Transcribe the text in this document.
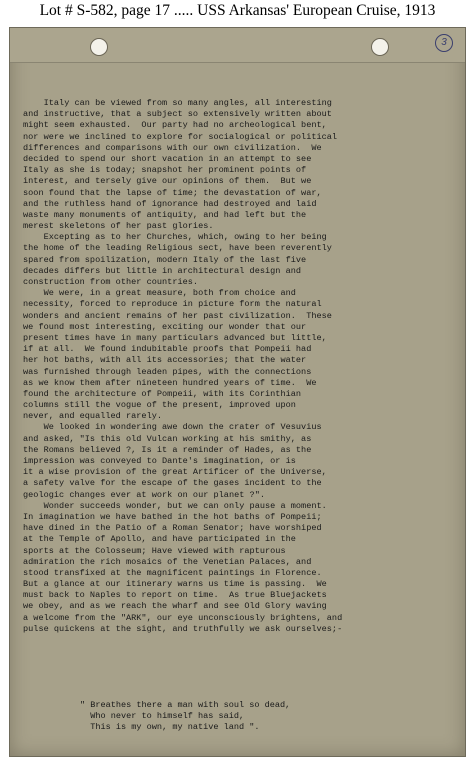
Lot # S-582, page 17 ..... USS Arkansas' European Cruise, 1913
3
Italy can be viewed from so many angles, all interesting
and instructive, that a subject so extensively written about
might seem exhausted.  Our party had no archeological bent,
nor were we inclined to explore for socialogical or political
differences and comparisons with our own civilization.  We
decided to spend our short vacation in an attempt to see
Italy as she is today; snapshot her prominent points of
interest, and tersely give our opinions of them.  But we
soon found that the lapse of time; the devastation of war,
and the ruthless hand of ignorance had destroyed and laid
waste many monuments of antiquity, and had left but the
merest skeletons of her past glories.
Excepting as to her Churches, which, owing to her being
the home of the leading Religious sect, have been reverently
spared from spoilization, modern Italy of the last five
decades differs but little in architectural design and
construction from other countries.
We were, in a great measure, both from choice and
necessity, forced to reproduce in picture form the natural
wonders and ancient remains of her past civilization.  These
we found most interesting, exciting our wonder that our
present times have in many particulars advanced but little,
if at all.  We found indubitable proofs that Pompeii had
her hot baths, with all its accessories; that the water
was furnished through leaden pipes, with the connections
as we know them after nineteen hundred years of time.  We
found the architecture of Pompeii, with its Corinthian
columns still the vogue of the present, improved upon
never, and equalled rarely.
We looked in wondering awe down the crater of Vesuvius
and asked, "Is this old Vulcan working at his smithy, as
the Romans believed ?, Is it a reminder of Hades, as the
impression was conveyed to Dante's imagination, or is
it a wise provision of the great Artificer of the Universe,
a safety valve for the escape of the gases incident to the
geologic changes ever at work on our planet ?".
Wonder succeeds wonder, but we can only pause a moment.
In imagination we have bathed in the hot baths of Pompeii;
have dined in the Patio of a Roman Senator; have worshiped
at the Temple of Apollo, and have participated in the
sports at the Colosseum; Have viewed with rapturous
admiration the rich mosaics of the Venetian Palaces, and
stood transfixed at the magnificent paintings in Florence.
But a glance at our itinerary warns us time is passing.  We
must back to Naples to report on time.  As true Bluejackets
we obey, and as we reach the wharf and see Old Glory waving
a welcome from the "ARK", our eye unconsciously brightens, and
pulse quickens at the sight, and truthfully we ask ourselves;-
" Breathes there a man with soul so dead,
Who never to himself has said,
This is my own, my native land ".
